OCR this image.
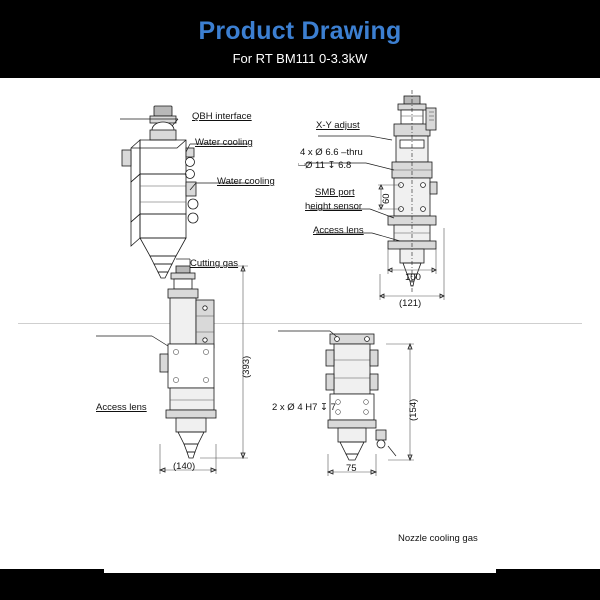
Product Drawing
For RT BM111 0-3.3kW
QBH interface
Water cooling
Water cooling
Cutting gas
X-Y adjust
4 x Ø 6.6 –thru
Ø 11 ↧ 6.8
⌴
SMB port
height sensor
Access lens
60
100
(121)
Access lens
(393)
(140)
2 x Ø 4 H7 ↧ 7
Nozzle cooling gas
(154)
75
